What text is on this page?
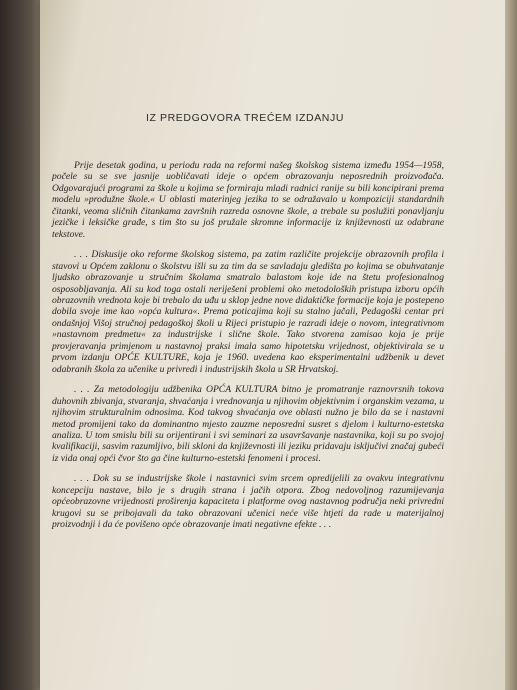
IZ PREDGOVORA TREĆEM IZDANJU

Prije desetak godina, u periodu rada na reformi našeg školskog sistema između 1954—1958, počele su se sve jasnije uobličavati ideje o općem obrazovanju neposrednih proizvođača. Odgovarajući programi za škole u kojima se formiraju mladi radnici ranije su bili koncipirani prema modelu »produžne škole.« U oblasti materinjeg jezika to se odražavalo u kompoziciji standardnih čitanki, veoma sličnih čitankama završnih razreda osnovne škole, a trebale su poslužiti ponavljanju jezičke i leksičke građe, s tim što su još pružale skromne informacije iz književnosti uz odabrane tekstove.

. . . Diskusije oko reforme školskog sistema, pa zatim različite projekcije obrazovnih profila i stavovi u Općem zaklonu o školstvu išli su za tim da se savladaju gledišta po kojima se obuhvatanje ljudsko obrazovanje u stručnim školama smatralo balastom koje ide na štetu profesionalnog osposobljavanja. Ali su kod toga ostali neriješeni problemi oko metodoloških pristupa izboru općih obrazovnih vrednota koje bi trebalo da uđu u sklop jedne nove didaktičke formacije koja je postepeno dobila svoje ime kao »opća kultura«. Prema poticajima koji su stalno jačali, Pedagoški centar pri ondašnjoj Višoj stručnoj pedagoškoj školi u Rijeci pristupio je razradi ideje o novom, integrativnom »nastavnom predmetu« za industrijske i slične škole. Tako stvorena zamisao koja je prije provjeravanja primjenom u nastavnoj praksi imala samo hipotetsku vrijednost, objektivirala se u prvom izdanju OPĆE KULTURE, koja je 1960. uvedena kao eksperimentalni udžbenik u devet odabranih škola za učenike u privredi i industrijskih škola u SR Hrvatskoj.

. . . Za metodologiju udžbenika OPĆA KULTURA bitno je promatranje raznovrsnih tokova duhovnih zbivanja, stvaranja, shvaćanja i vrednovanja u njihovim objektivnim i organskim vezama, u njihovim strukturalnim odnosima. Kod takvog shvaćanja ove oblasti nužno je bilo da se i nastavni metod promijeni tako da dominantno mjesto zauzme neposredni susret s djelom i kulturno-estetska analiza. U tom smislu bili su orijentirani i svi seminari za usavršavanje nastavnika, koji su po svojoj kvalifikaciji, sasvim razumljivo, bili skloni da književnosti ili jeziku pridavaju isključivi značaj gubeći iz vida onaj opći čvor što ga čine kulturno-estetski fenomeni i procesi.

. . . Dok su se industrijske škole i nastavnici svim srcem opredijelili za ovakvu integrativnu koncepciju nastave, bilo je s drugih strana i jačih otpora. Zbog nedovoljnog razumijevanja općeobrazovne vrijednosti proširenja kapaciteta i platforme ovog nastavnog područja neki privredni krugovi su se pribojavali da tako obrazovani učenici neće više htjeti da rade u materijalnoj proizvodnji i da će povišeno opće obrazovanje imati negativne efekte . . .
